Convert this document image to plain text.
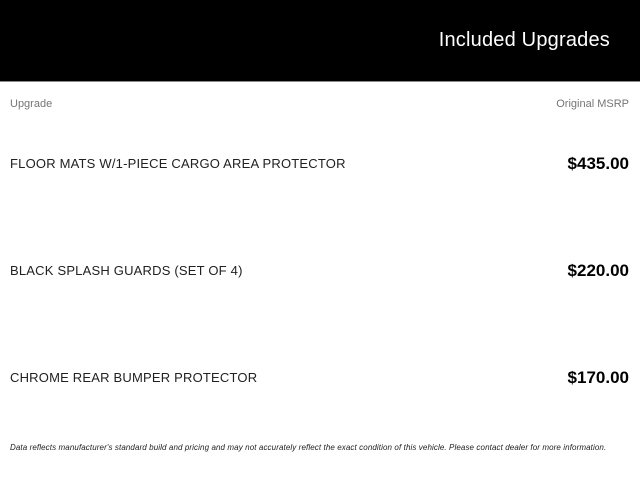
Included Upgrades
Upgrade	Original MSRP
FLOOR MATS W/1-PIECE CARGO AREA PROTECTOR	$435.00
BLACK SPLASH GUARDS (SET OF 4)	$220.00
CHROME REAR BUMPER PROTECTOR	$170.00
Data reflects manufacturer's standard build and pricing and may not accurately reflect the exact condition of this vehicle. Please contact dealer for more information.
